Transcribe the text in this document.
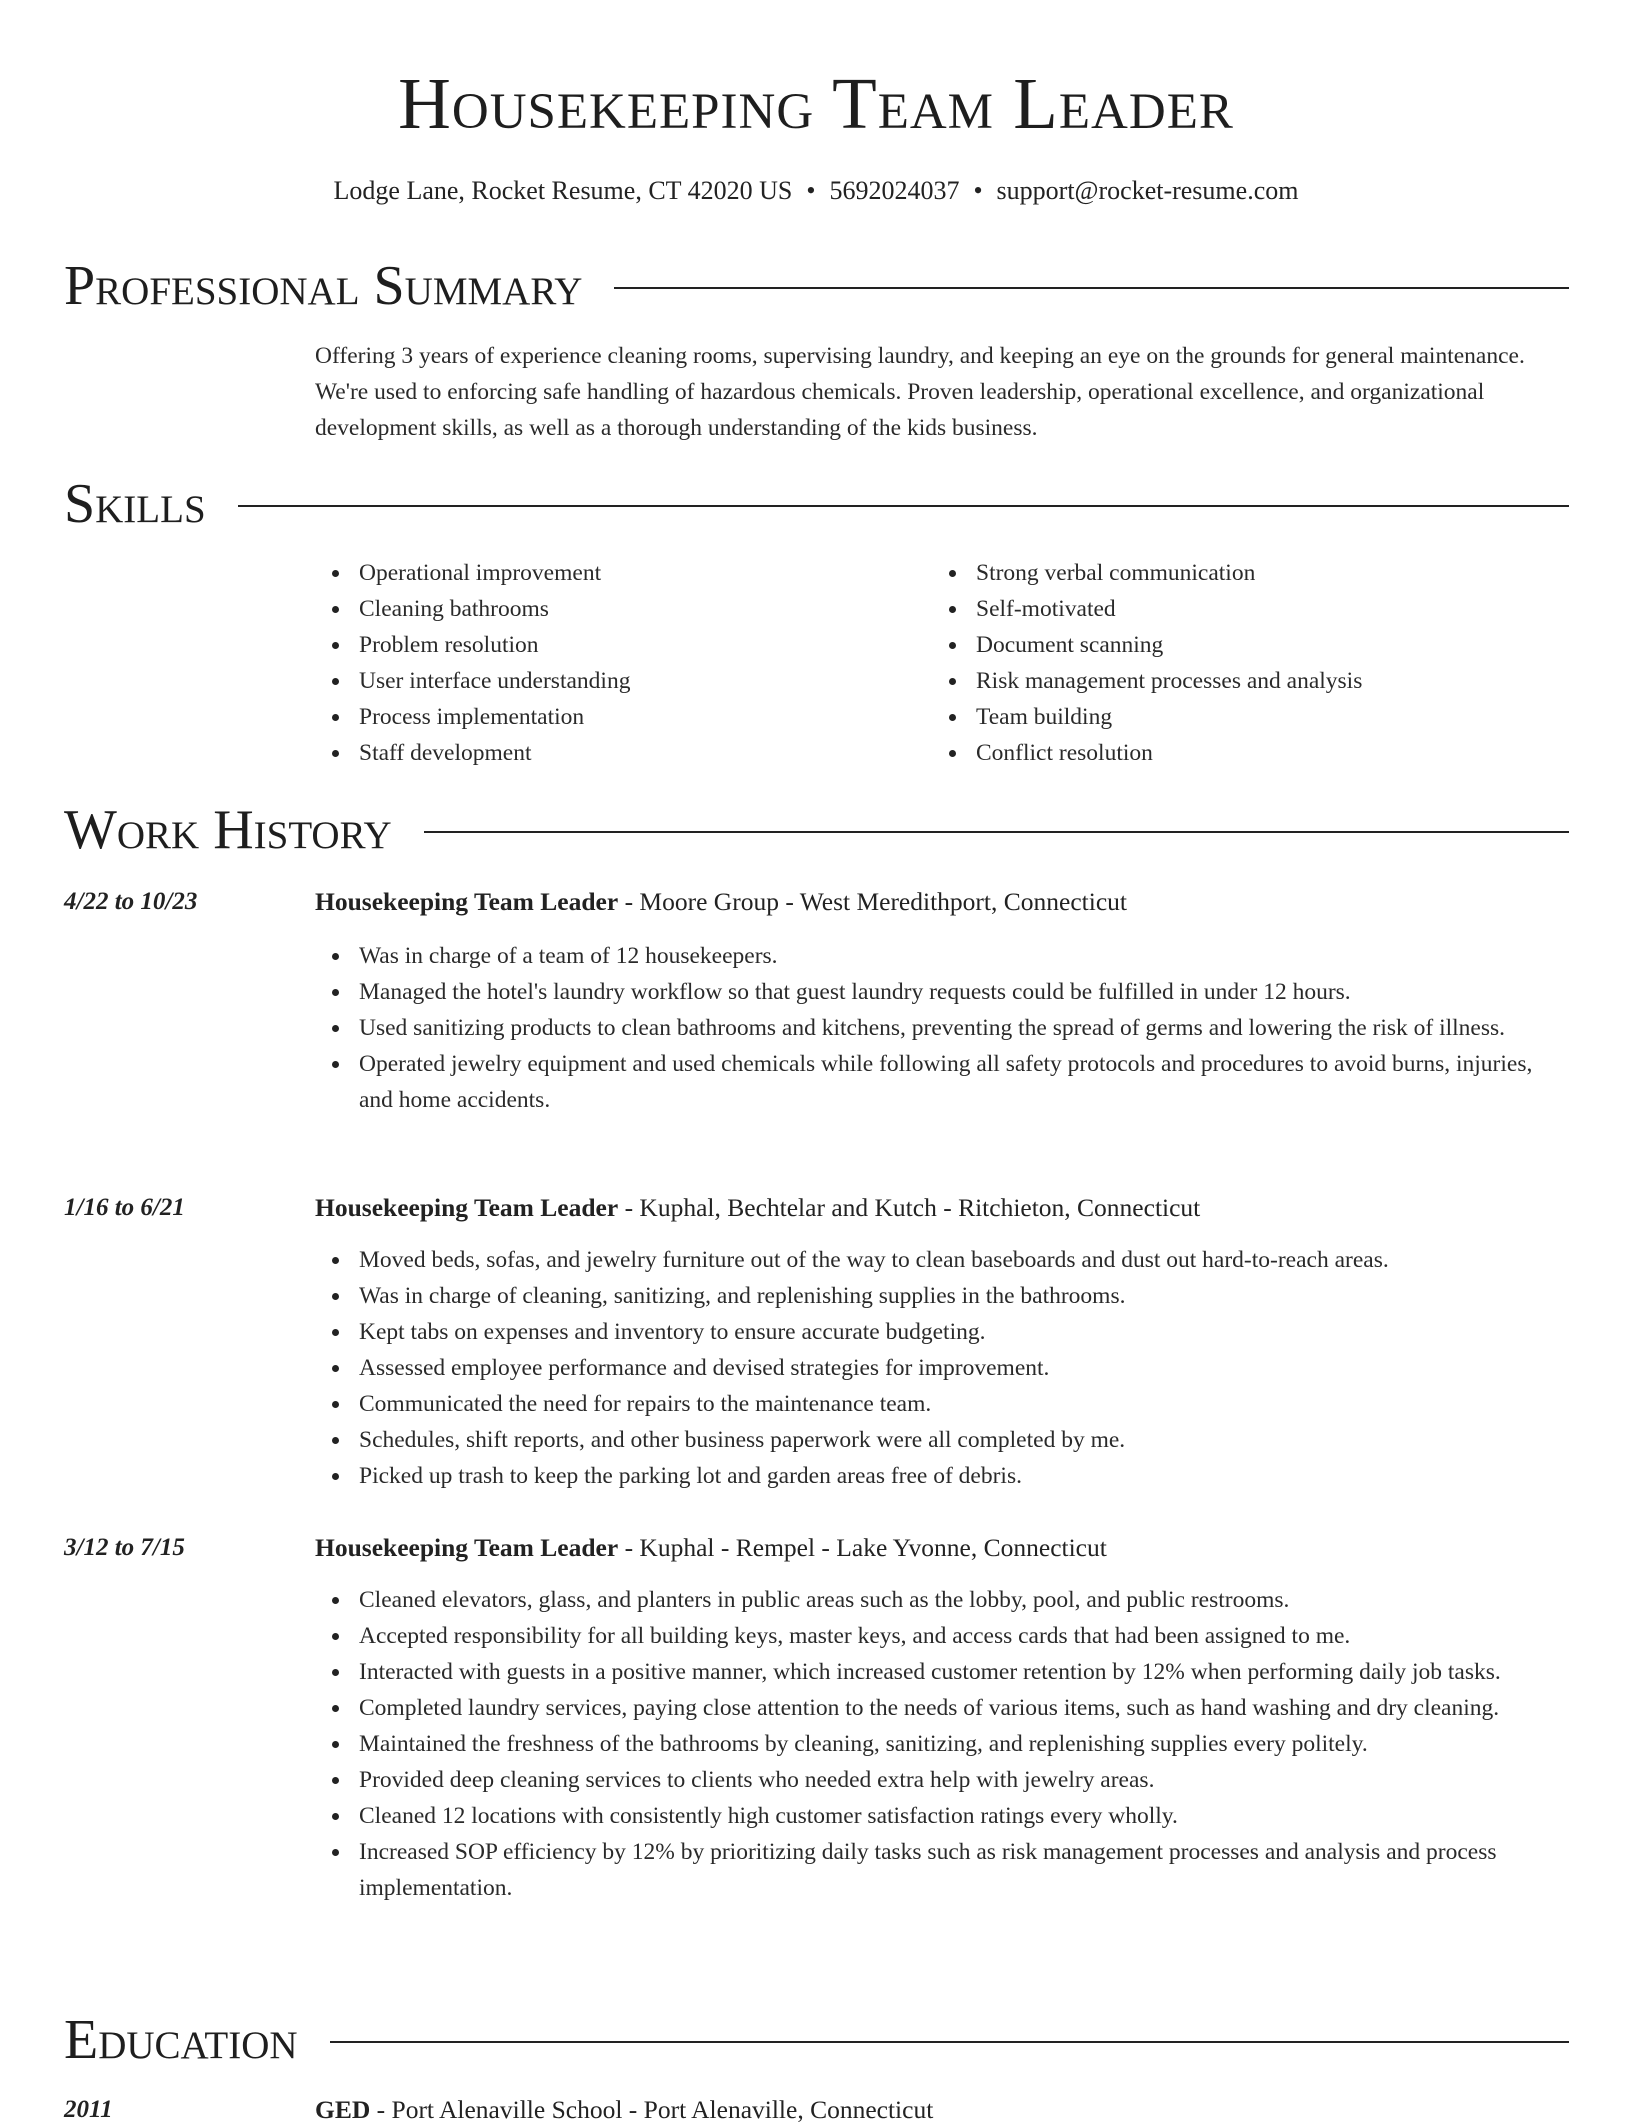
Housekeeping Team Leader
Lodge Lane, Rocket Resume, CT 42020 US • 5692024037 • support@rocket-resume.com
Professional Summary

Offering 3 years of experience cleaning rooms, supervising laundry, and keeping an eye on the grounds for general maintenance. We're used to enforcing safe handling of hazardous chemicals. Proven leadership, operational excellence, and organizational development skills, as well as a thorough understanding of the kids business.

Skills
Operational improvement
Cleaning bathrooms
Problem resolution
User interface understanding
Process implementation
Staff development
Strong verbal communication
Self-motivated
Document scanning
Risk management processes and analysis
Team building
Conflict resolution
Work History
4/22 to 10/23	Housekeeping Team Leader - Moore Group - West Meredithport, Connecticut
Was in charge of a team of 12 housekeepers.
Managed the hotel's laundry workflow so that guest laundry requests could be fulfilled in under 12 hours.
Used sanitizing products to clean bathrooms and kitchens, preventing the spread of germs and lowering the risk of illness.
Operated jewelry equipment and used chemicals while following all safety protocols and procedures to avoid burns, injuries, and home accidents.
1/16 to 6/21	Housekeeping Team Leader - Kuphal, Bechtelar and Kutch - Ritchieton, Connecticut
Moved beds, sofas, and jewelry furniture out of the way to clean baseboards and dust out hard-to-reach areas.
Was in charge of cleaning, sanitizing, and replenishing supplies in the bathrooms.
Kept tabs on expenses and inventory to ensure accurate budgeting.
Assessed employee performance and devised strategies for improvement.
Communicated the need for repairs to the maintenance team.
Schedules, shift reports, and other business paperwork were all completed by me.
Picked up trash to keep the parking lot and garden areas free of debris.
3/12 to 7/15	Housekeeping Team Leader - Kuphal - Rempel - Lake Yvonne, Connecticut
Cleaned elevators, glass, and planters in public areas such as the lobby, pool, and public restrooms.
Accepted responsibility for all building keys, master keys, and access cards that had been assigned to me.
Interacted with guests in a positive manner, which increased customer retention by 12% when performing daily job tasks.
Completed laundry services, paying close attention to the needs of various items, such as hand washing and dry cleaning.
Maintained the freshness of the bathrooms by cleaning, sanitizing, and replenishing supplies every politely.
Provided deep cleaning services to clients who needed extra help with jewelry areas.
Cleaned 12 locations with consistently high customer satisfaction ratings every wholly.
Increased SOP efficiency by 12% by prioritizing daily tasks such as risk management processes and analysis and process implementation.
Education
2011	GED - Port Alenaville School - Port Alenaville, Connecticut
